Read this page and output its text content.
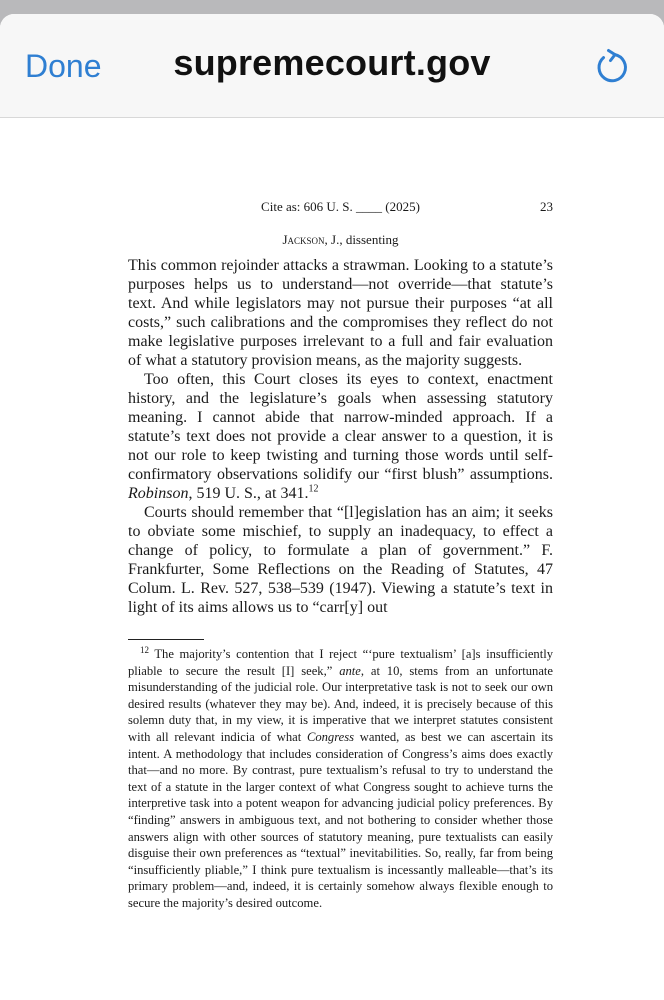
Done	supremecourt.gov
Cite as: 606 U. S. ____ (2025)	23
Jackson, J., dissenting

This common rejoinder attacks a strawman. Looking to a statute’s purposes helps us to understand—not override—that statute’s text. And while legislators may not pursue their purposes “at all costs,” such calibrations and the compromises they reflect do not make legislative purposes irrelevant to a full and fair evaluation of what a statutory provision means, as the majority suggests.

Too often, this Court closes its eyes to context, enactment history, and the legislature’s goals when assessing statutory meaning. I cannot abide that narrow-minded approach. If a statute’s text does not provide a clear answer to a question, it is not our role to keep twisting and turning those words until self-confirmatory observations solidify our “first blush” assumptions. Robinson, 519 U. S., at 341.12

Courts should remember that “[l]egislation has an aim; it seeks to obviate some mischief, to supply an inadequacy, to effect a change of policy, to formulate a plan of government.” F. Frankfurter, Some Reflections on the Reading of Statutes, 47 Colum. L. Rev. 527, 538–539 (1947). Viewing a statute’s text in light of its aims allows us to “carr[y] out

$^{12}$ The majority’s contention that I reject “‘pure textualism’ [a]s insufficiently pliable to secure the result [I] seek,” ante, at 10, stems from an unfortunate misunderstanding of the judicial role. Our interpretative task is not to seek our own desired results (whatever they may be). And, indeed, it is precisely because of this solemn duty that, in my view, it is imperative that we interpret statutes consistent with all relevant indicia of what Congress wanted, as best we can ascertain its intent. A methodology that includes consideration of Congress’s aims does exactly that—and no more. By contrast, pure textualism’s refusal to try to understand the text of a statute in the larger context of what Congress sought to achieve turns the interpretive task into a potent weapon for advancing judicial policy preferences. By “finding” answers in ambiguous text, and not bothering to consider whether those answers align with other sources of statutory meaning, pure textualists can easily disguise their own preferences as “textual” inevitabilities. So, really, far from being “insufficiently pliable,” I think pure textualism is incessantly malleable—that’s its primary problem—and, indeed, it is certainly somehow always flexible enough to secure the majority’s desired outcome.
